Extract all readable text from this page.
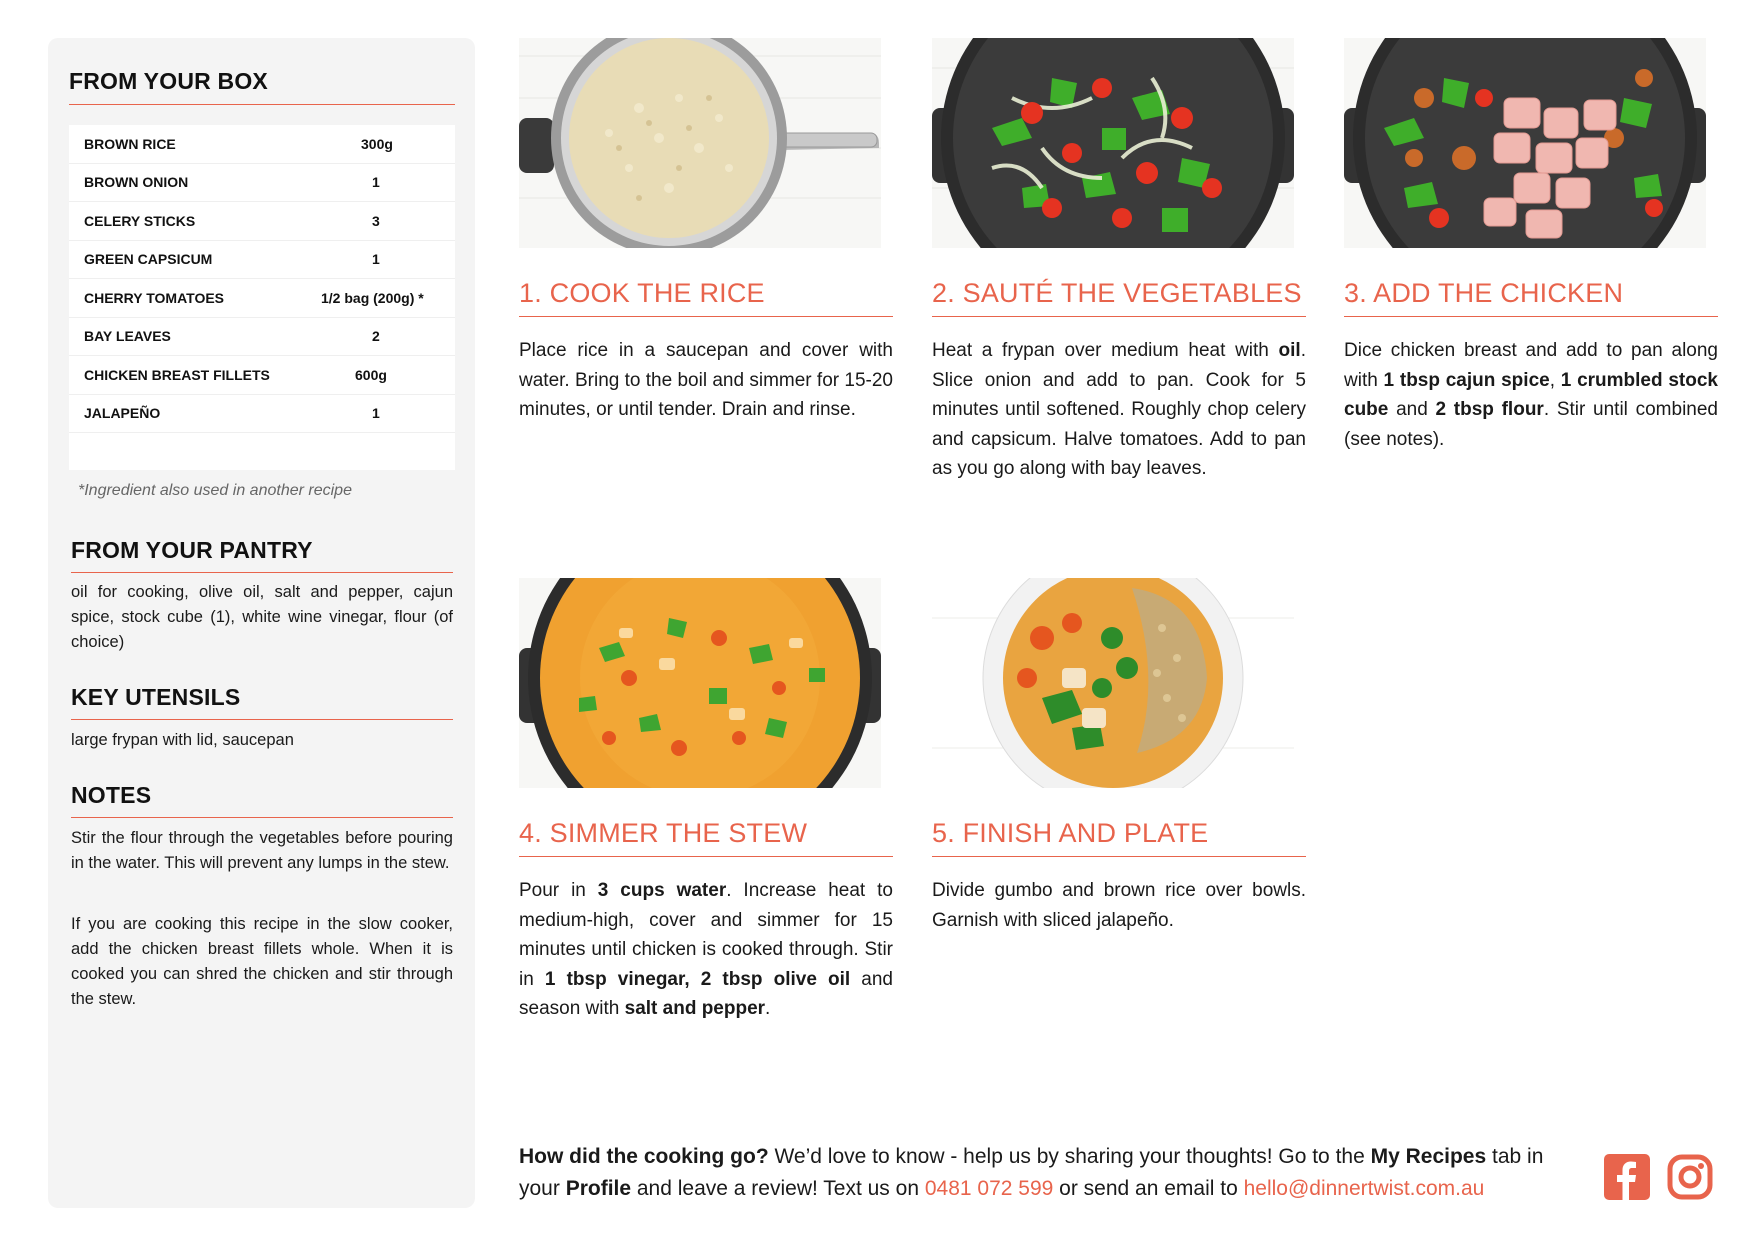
FROM YOUR BOX
BROWN RICE	300g
BROWN ONION	1
CELERY STICKS	3
GREEN CAPSICUM	1
CHERRY TOMATOES	1/2 bag (200g) *
BAY LEAVES	2
CHICKEN BREAST FILLETS	600g
JALAPEÑO	1
*Ingredient also used in another recipe
FROM YOUR PANTRY
oil for cooking, olive oil, salt and pepper, cajun spice, stock cube (1), white wine vinegar, flour (of choice)
KEY UTENSILS
large frypan with lid, saucepan
NOTES
Stir the flour through the vegetables before pouring in the water. This will prevent any lumps in the stew.
If you are cooking this recipe in the slow cooker, add the chicken breast fillets whole. When it is cooked you can shred the chicken and stir through the stew.
1. COOK THE RICE
Place rice in a saucepan and cover with water. Bring to the boil and simmer for 15-20 minutes, or until tender. Drain and rinse.
2. SAUTÉ THE VEGETABLES
Heat a frypan over medium heat with oil. Slice onion and add to pan. Cook for 5 minutes until softened. Roughly chop celery and capsicum. Halve tomatoes. Add to pan as you go along with bay leaves.
3. ADD THE CHICKEN
Dice chicken breast and add to pan along with 1 tbsp cajun spice, 1 crumbled stock cube and 2 tbsp flour. Stir until combined (see notes).
4. SIMMER THE STEW
Pour in 3 cups water. Increase heat to medium-high, cover and simmer for 15 minutes until chicken is cooked through. Stir in 1 tbsp vinegar, 2 tbsp olive oil and season with salt and pepper.
5. FINISH AND PLATE
Divide gumbo and brown rice over bowls. Garnish with sliced jalapeño.
How did the cooking go? We’d love to know - help us by sharing your thoughts! Go to the My Recipes tab in your Profile and leave a review! Text us on 0481 072 599 or send an email to hello@dinnertwist.com.au
